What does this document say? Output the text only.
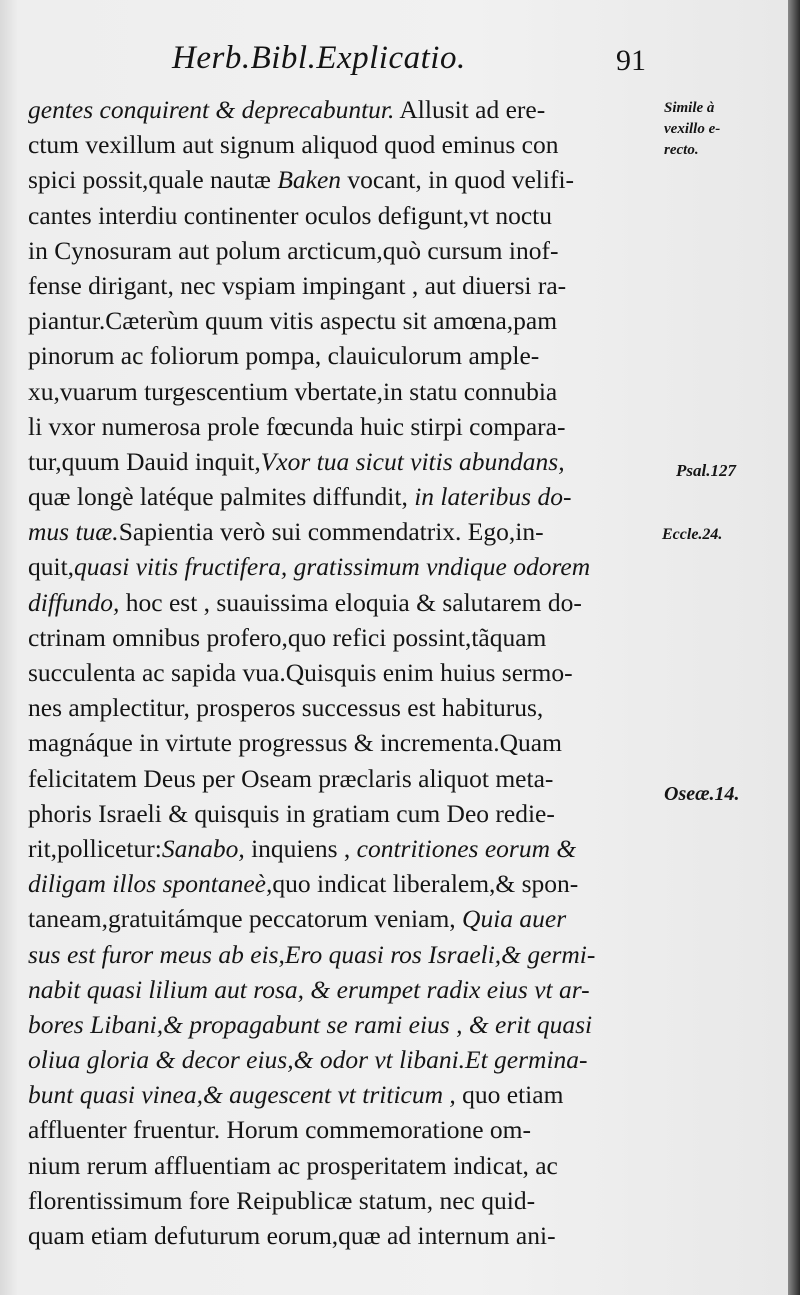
Herb.Bibl.Explicatio.	91
gentes conquirent & deprecabuntur. Allusit ad ere-
ctum vexillum aut signum aliquod quod eminus con
spici possit,quale nautæ Baken vocant, in quod velifi-
cantes interdiu continenter oculos defigunt,vt noctu
in Cynosuram aut polum arcticum,quò cursum inof-
fense dirigant, nec vspiam impingant , aut diuersi ra-
piantur.Cæterùm quum vitis aspectu sit amœna,pam
pinorum ac foliorum pompa, clauiculorum amplе-
xu,vuarum turgescentium vbertate,in statu connubia
li vxor numerosa prole fœcunda huic stirpi compara-
tur,quum Dauid inquit,Vxor tua sicut vitis abundans,
quæ longè latéque palmites diffundit, in lateribus do-
mus tuæ.Sapientia verò sui commendatrix. Ego,in-
quit,quasi vitis fructifera, gratissimum vndique odorem
diffundo, hoc est , suauissima eloquia & salutarem do-
ctrinam omnibus profero,quo refici possint,tãquam
succulenta ac sapida vua.Quisquis enim huius sermo-
nes amplectitur, prosperos successus est habiturus,
magnáque in virtute progressus & incrementa.Quam
felicitatem Deus per Oseam præclaris aliquot meta-
phoris Israeli & quisquis in gratiam cum Deo redie-
rit,pollicetur:Sanabo, inquiens , contritiones eorum &
diligam illos spontaneè,quo indicat liberalem,& spon-
taneam,gratuitámque peccatorum veniam, Quia auer
sus est furor meus ab eis,Ero quasi ros Israeli,& germi-
nabit quasi lilium aut rosa, & erumpet radix eius vt ar-
bores Libani,& propagabunt se rami eius , & erit quasi
oliua gloria & decor eius,& odor vt libani.Et germina-
bunt quasi vinea,& augescent vt triticum , quo etiam
affluenter fruentur. Horum commemoratione om-
nium rerum affluentiam ac prosperitatem indicat, ac
florentissimum fore Reipublicæ statum, nec quid-
quam etiam defuturum eorum,quæ ad internum ani-
Simile à
vexillo e-
recto.
Psal.127
Eccle.24.
Oseæ.14.
